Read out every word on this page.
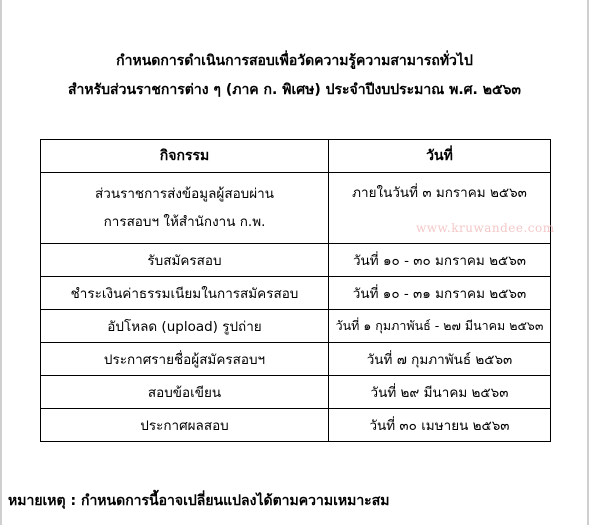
กำหนดการดำเนินการสอบเพื่อวัดความรู้ความสามารถทั่วไป
สำหรับส่วนราชการต่าง ๆ (ภาค ก. พิเศษ) ประจำปีงบประมาณ พ.ศ. ๒๕๖๓
กิจกรรม	วันที่

ส่วนราชการส่งข้อมูลผู้สอบผ่าน
การสอบฯ ให้สำนักงาน ก.พ.	ภายในวันที่ ๓ มกราคม ๒๕๖๓
รับสมัครสอบ	วันที่ ๑๐ - ๓๐ มกราคม ๒๕๖๓
ชำระเงินค่าธรรมเนียมในการสมัครสอบ	วันที่ ๑๐ - ๓๑ มกราคม ๒๕๖๓
อัปโหลด (upload) รูปถ่าย	วันที่ ๑ กุมภาพันธ์ - ๒๗ มีนาคม ๒๕๖๓
ประกาศรายชื่อผู้สมัครสอบฯ	วันที่ ๗ กุมภาพันธ์ ๒๕๖๓
สอบข้อเขียน	วันที่ ๒๙ มีนาคม ๒๕๖๓
ประกาศผลสอบ	วันที่ ๓๐ เมษายน ๒๕๖๓
www.kruwandee.com
หมายเหตุ : กำหนดการนี้อาจเปลี่ยนแปลงได้ตามความเหมาะสม
